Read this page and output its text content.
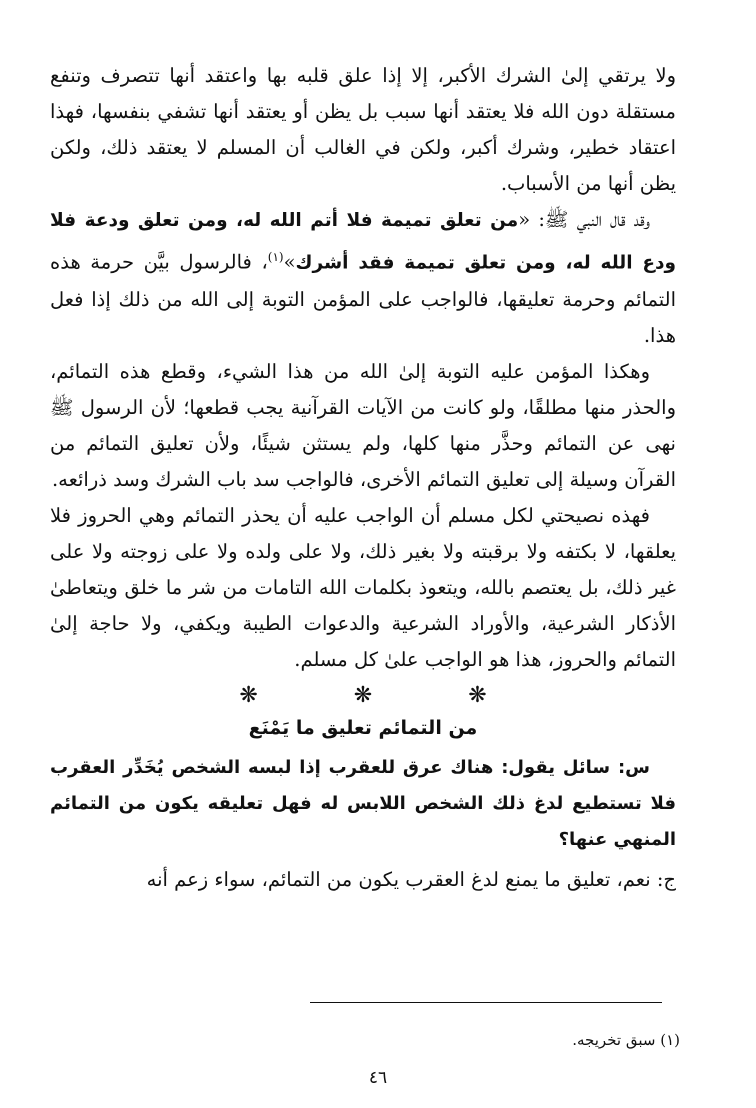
ولا يرتقي إلىٰ الشرك الأكبر، إلا إذا علق قلبه بها واعتقد أنها تتصرف وتنفع مستقلة دون الله فلا يعتقد أنها سبب بل يظن أو يعتقد أنها تشفي بنفسها، فهذا اعتقاد خطير، وشرك أكبر، ولكن في الغالب أن المسلم لا يعتقد ذلك، ولكن يظن أنها من الأسباب.

وقد قال النبي ﷺ: «من تعلق تميمة فلا أتم الله له، ومن تعلق ودعة فلا ودع الله له، ومن تعلق تميمة فقد أشرك»$^{(١)}$، فالرسول بيَّن حرمة هذه التمائم وحرمة تعليقها، فالواجب على المؤمن التوبة إلى الله من ذلك إذا فعل هذا.

وهكذا المؤمن عليه التوبة إلىٰ الله من هذا الشيء، وقطع هذه التمائم، والحذر منها مطلقًا، ولو كانت من الآيات القرآنية يجب قطعها؛ لأن الرسول ﷺ نهى عن التمائم وحذَّر منها كلها، ولم يستثن شيئًا، ولأن تعليق التمائم من القرآن وسيلة إلى تعليق التمائم الأخرى، فالواجب سد باب الشرك وسد ذرائعه.

فهذه نصيحتي لكل مسلم أن الواجب عليه أن يحذر التمائم وهي الحروز فلا يعلقها، لا بكتفه ولا برقبته ولا بغير ذلك، ولا على ولده ولا على زوجته ولا على غير ذلك، بل يعتصم بالله، ويتعوذ بكلمات الله التامات من شر ما خلق ويتعاطىٰ الأذكار الشرعية، والأوراد الشرعية والدعوات الطيبة ويكفي، ولا حاجة إلىٰ التمائم والحروز، هذا هو الواجب علىٰ كل مسلم.

❋
❋
❋

من التمائم تعليق ما يَمْنَع

س: سائل يقول: هناك عرق للعقرب إذا لبسه الشخص يُخَدِّر العقرب فلا تستطيع لدغ ذلك الشخص اللابس له فهل تعليقه يكون من التمائم المنهي عنها؟

ج: نعم، تعليق ما يمنع لدغ العقرب يكون من التمائم، سواء زعم أنه

(١) سبق تخريجه.
٤٦
